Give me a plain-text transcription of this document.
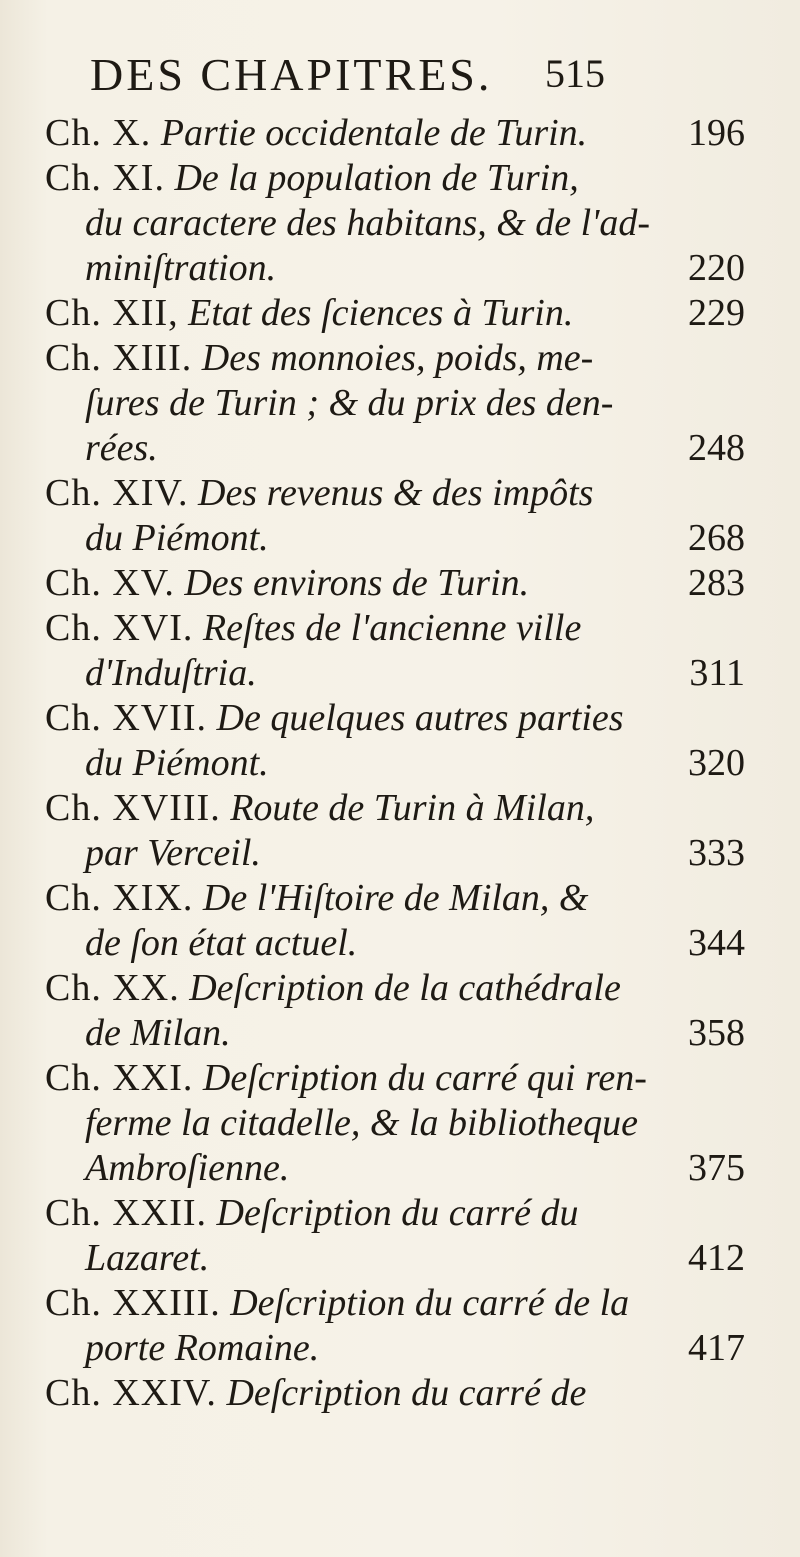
DES CHAPITRES. 515
Ch. X. Partie occidentale de Turin.	196
Ch. XI. De la population de Turin,
du caractere des habitans, & de l'ad-
miniſtration.	220
Ch. XII, Etat des ſciences à Turin.	229
Ch. XIII. Des monnoies, poids, me-
ſures de Turin ; & du prix des den-
rées.	248
Ch. XIV. Des revenus & des impôts
du Piémont.	268
Ch. XV. Des environs de Turin.	283
Ch. XVI. Reſtes de l'ancienne ville
d'Induſtria.	311
Ch. XVII. De quelques autres parties
du Piémont.	320
Ch. XVIII. Route de Turin à Milan,
par Verceil.	333
Ch. XIX. De l'Hiſtoire de Milan, &
de ſon état actuel.	344
Ch. XX. Deſcription de la cathédrale
de Milan.	358
Ch. XXI. Deſcription du carré qui ren-
ferme la citadelle, & la bibliotheque
Ambroſienne.	375
Ch. XXII. Deſcription du carré du
Lazaret.	412
Ch. XXIII. Deſcription du carré de la
porte Romaine.	417
Ch. XXIV. Deſcription du carré de
